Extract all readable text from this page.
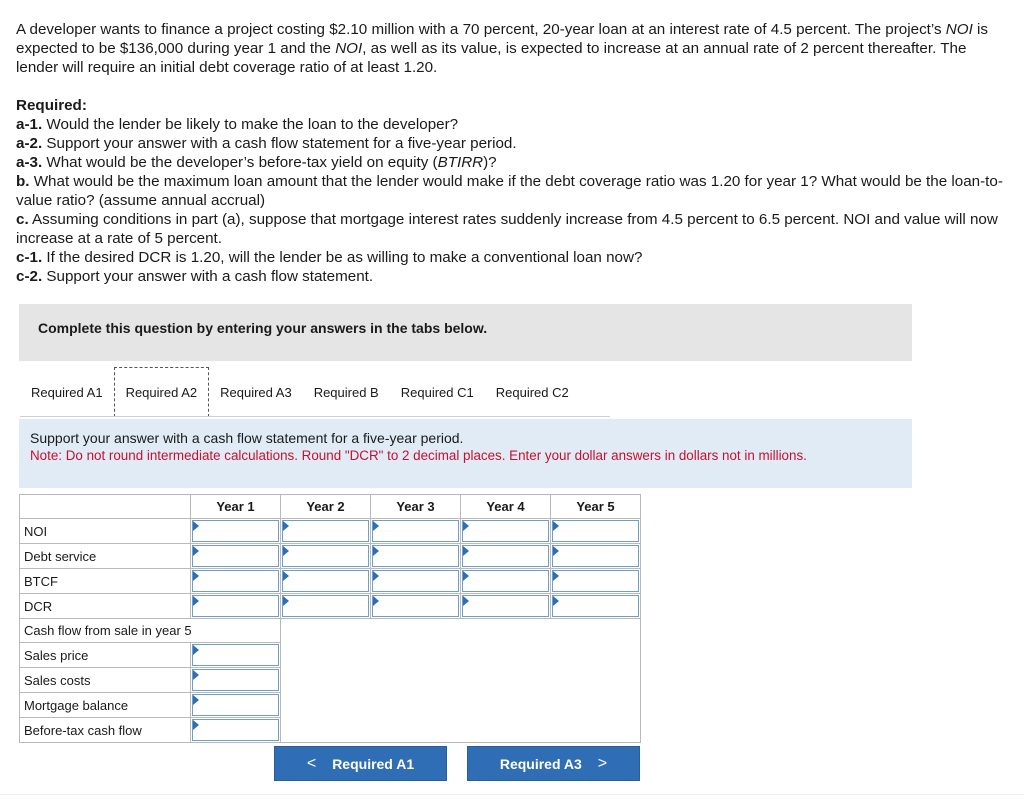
A developer wants to finance a project costing $2.10 million with a 70 percent, 20-year loan at an interest rate of 4.5 percent. The project’s NOI is expected to be $136,000 during year 1 and the NOI, as well as its value, is expected to increase at an annual rate of 2 percent thereafter. The lender will require an initial debt coverage ratio of at least 1.20.

Required:

a-1. Would the lender be likely to make the loan to the developer?

a-2. Support your answer with a cash flow statement for a five-year period.

a-3. What would be the developer’s before-tax yield on equity (BTIRR)?

b. What would be the maximum loan amount that the lender would make if the debt coverage ratio was 1.20 for year 1? What would be the loan-to-value ratio? (assume annual accrual)

c. Assuming conditions in part (a), suppose that mortgage interest rates suddenly increase from 4.5 percent to 6.5 percent. NOI and value will now increase at a rate of 5 percent.

c-1. If the desired DCR is 1.20, will the lender be as willing to make a conventional loan now?

c-2. Support your answer with a cash flow statement.

Complete this question by entering your answers in the tabs below.
Required A1	Required A2	Required A3	Required B	Required C1	Required C2
Support your answer with a cash flow statement for a five-year period.
Note: Do not round intermediate calculations. Round "DCR" to 2 decimal places. Enter your dollar answers in dollars not in millions.
	Year 1	Year 2	Year 3	Year 4	Year 5
NOI	

Debt service	

BTCF	

DCR	

Cash flow from sale in year 5					
Sales price					

Sales costs					

Mortgage balance					

Before-tax cash flow					
< Required A1	Required A3 >
